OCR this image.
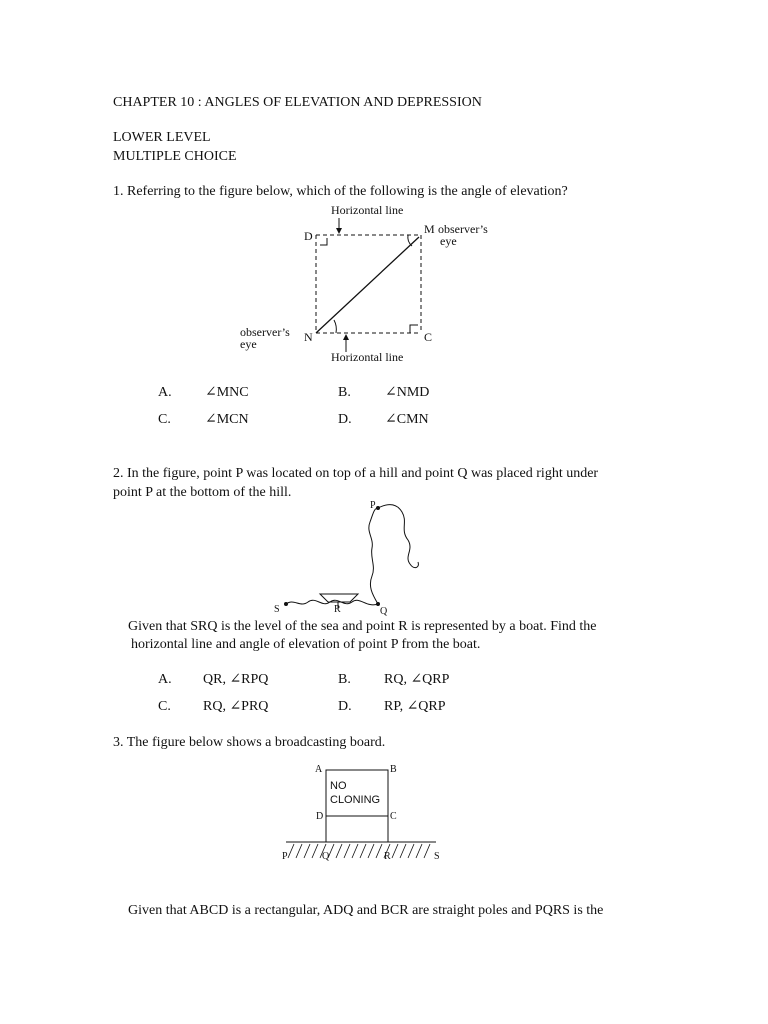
CHAPTER 10 : ANGLES OF ELEVATION AND DEPRESSION
LOWER LEVEL
MULTIPLE CHOICE
1. Referring to the figure below, which of the following is the angle of elevation?
Horizontal line
Horizontal line
D	M observer’s
eye
N	C
observer’s
eye
A. ∠MNC	B. ∠NMD
C. ∠MCN	D. ∠CMN
2. In the figure, point P was located on top of a hill and point Q was placed right under
point P at the bottom of the hill.
P
S	R	Q
Given that SRQ is the level of the sea and point R is represented by a boat. Find the
horizontal line and angle of elevation of point P from the boat.
A. QR, ∠RPQ	B. RQ, ∠QRP
C. RQ, ∠PRQ	D. RP, ∠QRP
3. The figure below shows a broadcasting board.
A	B
D	C
NO
CLONING
P	Q	R	S
Given that ABCD is a rectangular, ADQ and BCR are straight poles and PQRS is the
